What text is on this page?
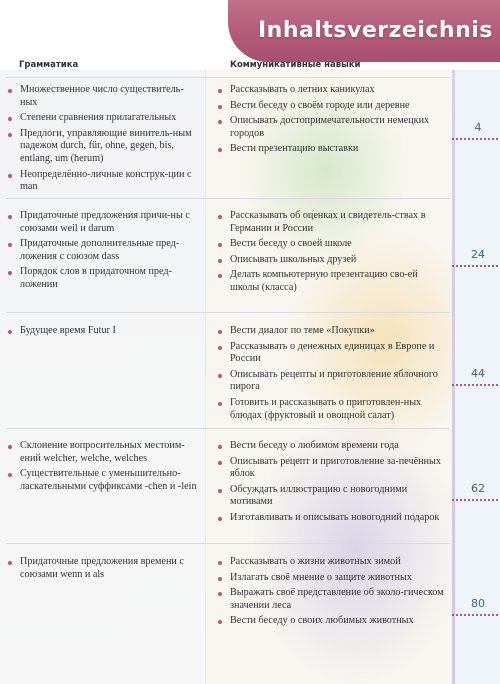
Inhaltsverzeichnis
Грамматика	Коммуникативные навыки
Множественное число существитель-ных
Степени сравнения прилагательных
Предлоги, управляющие винитель-ным падежом durch, für, ohne, gegen, bis, entlang, um (herum)
Неопределённо-личные конструк-ции с man
Рассказывать о летних каникулах
Вести беседу о своём городе или деревне
Описывать достопримечательности немецких городов
Вести презентацию выставки
4
Придаточные предложения причи-ны с союзами weil и darum
Придаточные дополнительные пред-ложения с союзом dass
Порядок слов в придаточном пред-ложении
Рассказывать об оценках и свидетель-ствах в Германии и России
Вести беседу о своей школе
Описывать школьных друзей
Делать компьютерную презентацию сво-ей школы (класса)
24
Будущее время Futur I	Вести диалог по теме «Покупки»
Рассказывать о денежных единицах в Европе и России
Описывать рецепты и приготовление яблочного пирога
Готовить и рассказывать о приготовлен-ных блюдах (фруктовый и овощной салат)
44
Склонение вопросительных местоим-ений welcher, welche, welches
Существительные с уменьшительно-ласкательными суффиксами -chen и -lein
Вести беседу о любимом времени года
Описывать рецепт и приготовление за-печённых яблок
Обсуждать иллюстрацию с новогодними мотивами
Изготавливать и описывать новогодний подарок
62
Придаточные предложения времени с союзами wenn и als
Рассказывать о жизни животных зимой
Излагать своё мнение о защите животных
Выражать своё представление об эколо-гическом значении леса
Вести беседу о своих любимых животных
80
